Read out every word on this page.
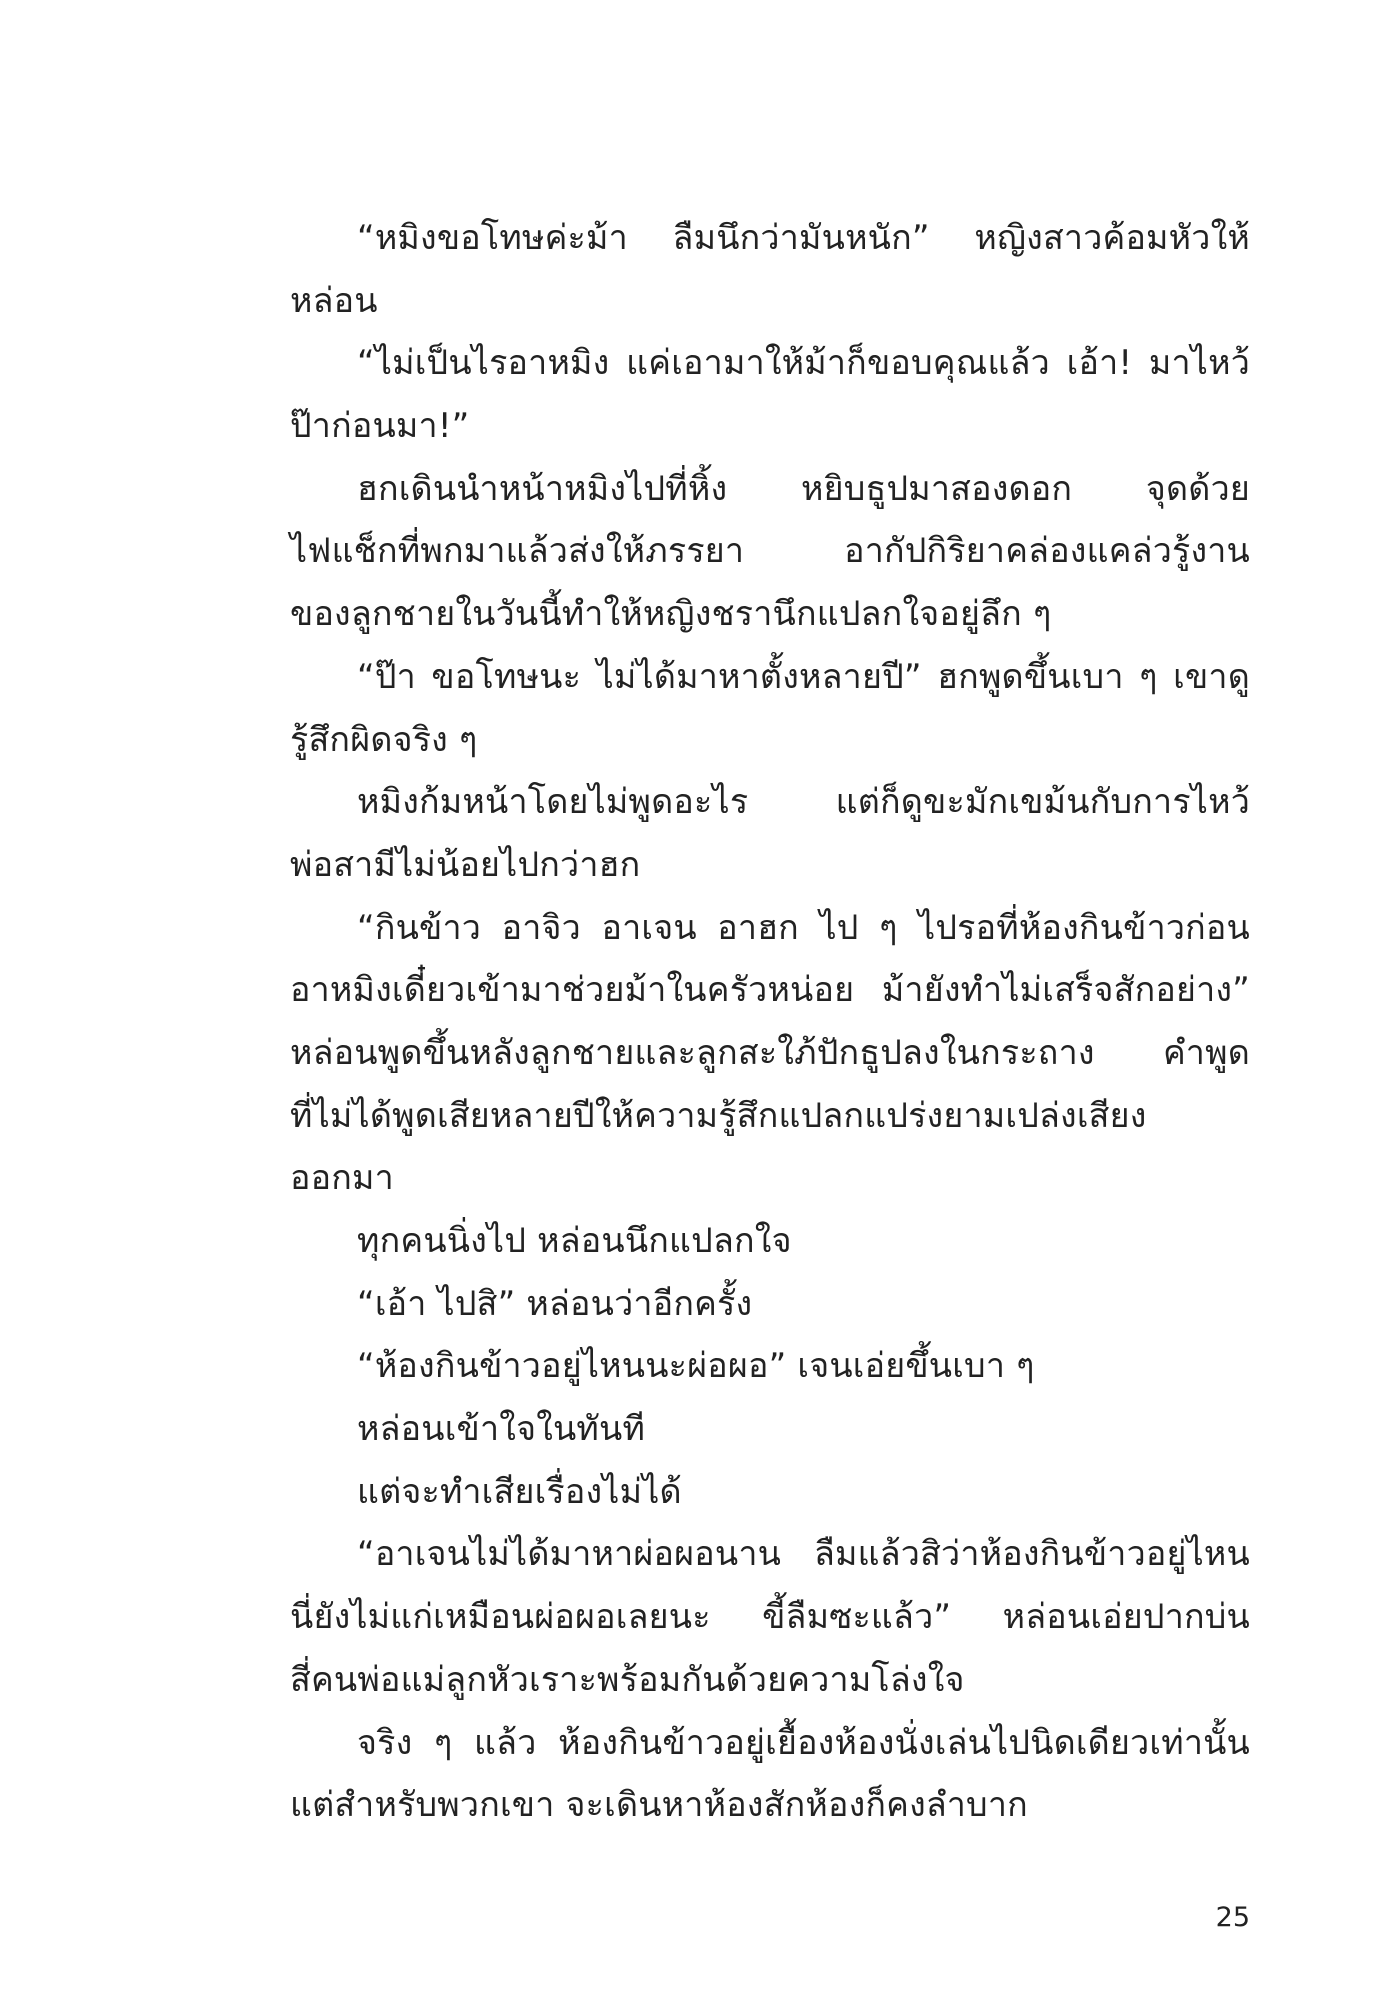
“หมิงขอโทษค่ะม้า ลืมนึกว่ามันหนัก” หญิงสาวค้อมหัวให้
หล่อน
“ไม่เป็นไรอาหมิง แค่เอามาให้ม้าก็ขอบคุณแล้ว เอ้า! มาไหว้
ป๊าก่อนมา!”
ฮกเดินนำหน้าหมิงไปที่หิ้ง หยิบธูปมาสองดอก จุดด้วย
ไฟแช็กที่พกมาแล้วส่งให้ภรรยา อากัปกิริยาคล่องแคล่วรู้งาน
ของลูกชายในวันนี้ทำให้หญิงชรานึกแปลกใจอยู่ลึก ๆ
“ป๊า ขอโทษนะ ไม่ได้มาหาตั้งหลายปี” ฮกพูดขึ้นเบา ๆ เขาดู
รู้สึกผิดจริง ๆ
หมิงก้มหน้าโดยไม่พูดอะไร แต่ก็ดูขะมักเขม้นกับการไหว้
พ่อสามีไม่น้อยไปกว่าฮก
“กินข้าว อาจิว อาเจน อาฮก ไป ๆ ไปรอที่ห้องกินข้าวก่อน
อาหมิงเดี๋ยวเข้ามาช่วยม้าในครัวหน่อย ม้ายังทำไม่เสร็จสักอย่าง”
หล่อนพูดขึ้นหลังลูกชายและลูกสะใภ้ปักธูปลงในกระถาง คำพูด
ที่ไม่ได้พูดเสียหลายปีให้ความรู้สึกแปลกแปร่งยามเปล่งเสียง
ออกมา
ทุกคนนิ่งไป หล่อนนึกแปลกใจ
“เอ้า ไปสิ” หล่อนว่าอีกครั้ง
“ห้องกินข้าวอยู่ไหนนะผ่อผอ” เจนเอ่ยขึ้นเบา ๆ
หล่อนเข้าใจในทันที
แต่จะทำเสียเรื่องไม่ได้
“อาเจนไม่ได้มาหาผ่อผอนาน ลืมแล้วสิว่าห้องกินข้าวอยู่ไหน
นี่ยังไม่แก่เหมือนผ่อผอเลยนะ ขี้ลืมซะแล้ว” หล่อนเอ่ยปากบ่น
สี่คนพ่อแม่ลูกหัวเราะพร้อมกันด้วยความโล่งใจ
จริง ๆ แล้ว ห้องกินข้าวอยู่เยื้องห้องนั่งเล่นไปนิดเดียวเท่านั้น
แต่สำหรับพวกเขา จะเดินหาห้องสักห้องก็คงลำบาก
25
